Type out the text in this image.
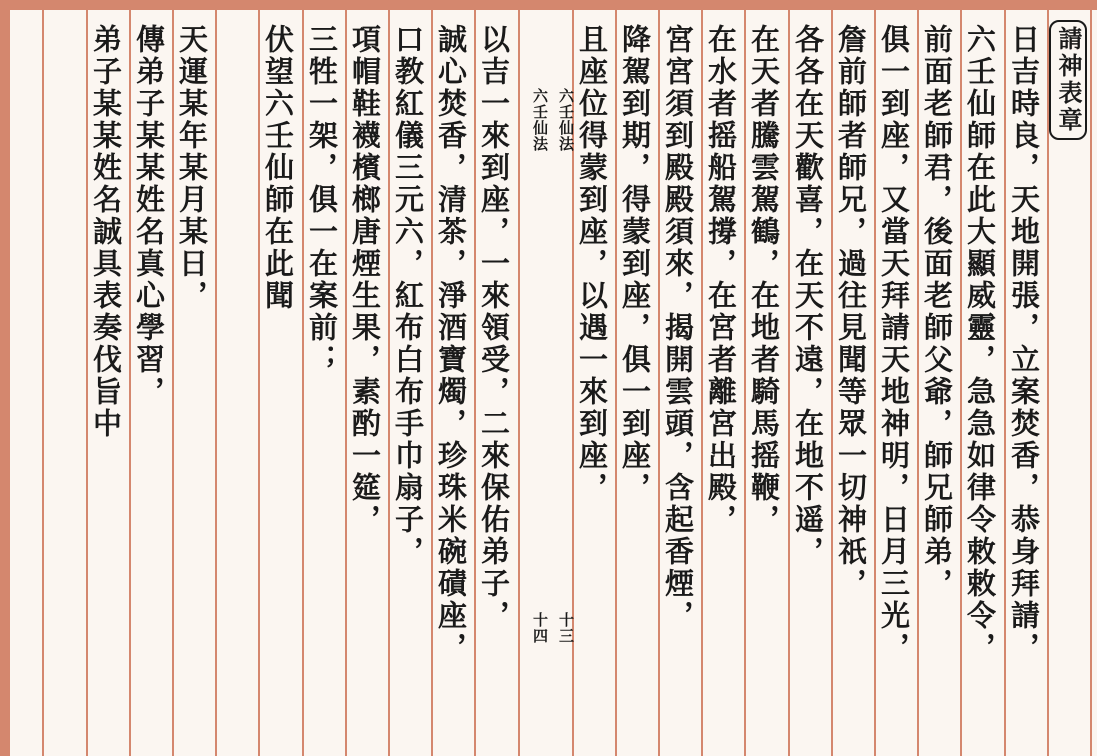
請神表章
日吉時良，天地開張，立案焚香，恭身拜請，
六壬仙師在此大顯威靈，急急如律令敕敕令，
前面老師君，後面老師父爺，師兄師弟，
俱一到座，又當天拜請天地神明，日月三光，
詹前師者師兄，過往見聞等眾一切神祇，
各各在天歡喜，在天不遠，在地不遥，
在天者騰雲駕鶴，在地者騎馬摇鞭，
在水者摇船駕撐，在宮者離宮出殿，
宮宮須到殿殿須來，揭開雲頭，含起香煙，
降駕到期，得蒙到座，俱一到座，
且座位得蒙到座，以遇一來到座，
以吉一來到座，一來領受，二來保佑弟子，
誠心焚香，清茶，淨酒寶燭，珍珠米碗磧座，
口教紅儀三元六，紅布白布手巾扇子，
項帽鞋襪檳榔唐煙生果，素酌一筵，
三牲一架，俱一在案前；
伏望六壬仙師在此聞
天運某年某月某日，
傳弟子某某姓名真心學習，
弟子某某姓名誠具表奏伐旨中	六壬仙法
六壬仙法
十三
十四
